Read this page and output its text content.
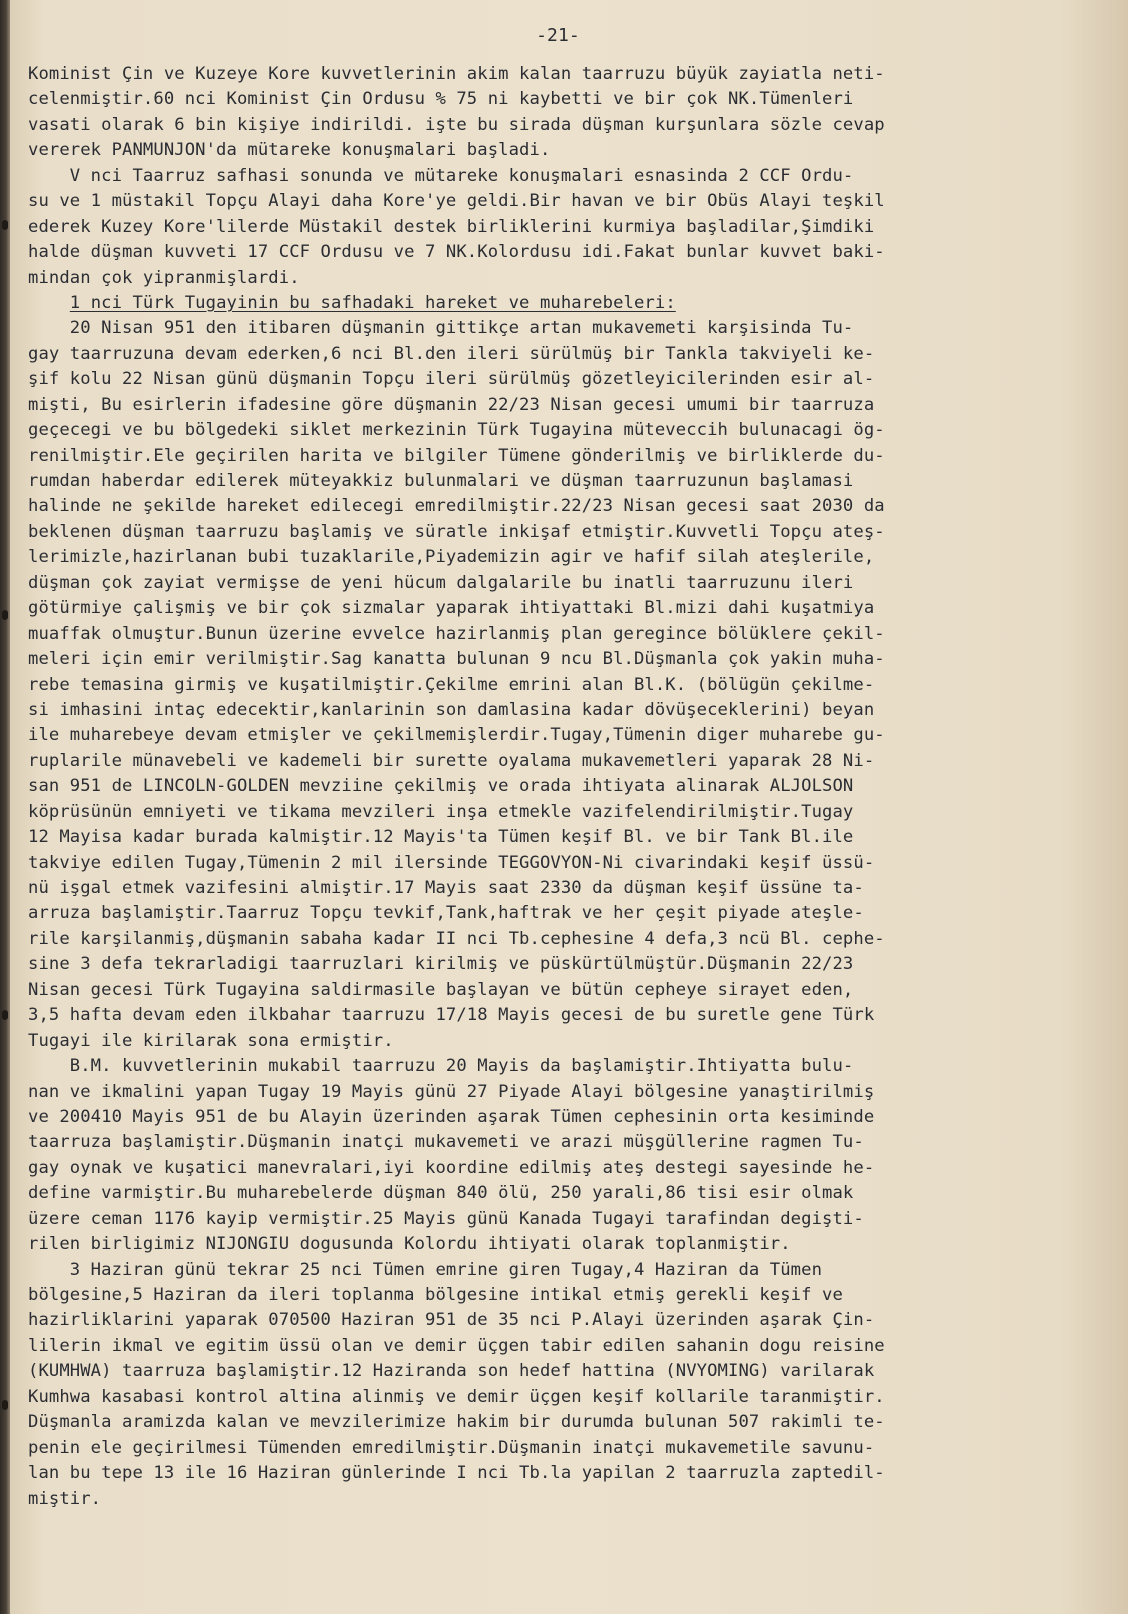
-21-
Kominist Çin ve Kuzeye Kore kuvvetlerinin akim kalan taarruzu büyük zayiatla neti-
celenmiştir.60 nci Kominist Çin Ordusu % 75 ni kaybetti ve bir çok NK.Tümenleri
vasati olarak 6 bin kişiye indirildi. işte bu sirada düşman kurşunlara sözle cevap
vererek PANMUNJON'da mütareke konuşmalari başladi.
V nci Taarruz safhasi sonunda ve mütareke konuşmalari esnasinda 2 CCF Ordu-
su ve 1 müstakil Topçu Alayi daha Kore'ye geldi.Bir havan ve bir Obüs Alayi teşkil
ederek Kuzey Kore'lilerde Müstakil destek birliklerini kurmiya başladilar,Şimdiki
halde düşman kuvveti 17 CCF Ordusu ve 7 NK.Kolordusu idi.Fakat bunlar kuvvet baki-
mindan çok yipranmişlardi.
1 nci Türk Tugayinin bu safhadaki hareket ve muharebeleri:
20 Nisan 951 den itibaren düşmanin gittikçe artan mukavemeti karşisinda Tu-
gay taarruzuna devam ederken,6 nci Bl.den ileri sürülmüş bir Tankla takviyeli ke-
şif kolu 22 Nisan günü düşmanin Topçu ileri sürülmüş gözetleyicilerinden esir al-
mişti, Bu esirlerin ifadesine göre düşmanin 22/23 Nisan gecesi umumi bir taarruza
geçecegi ve bu bölgedeki siklet merkezinin Türk Tugayina müteveccih bulunacagi ög-
renilmiştir.Ele geçirilen harita ve bilgiler Tümene gönderilmiş ve birliklerde du-
rumdan haberdar edilerek müteyakkiz bulunmalari ve düşman taarruzunun başlamasi
halinde ne şekilde hareket edilecegi emredilmiştir.22/23 Nisan gecesi saat 2030 da
beklenen düşman taarruzu başlamiş ve süratle inkişaf etmiştir.Kuvvetli Topçu ateş-
lerimizle,hazirlanan bubi tuzaklarile,Piyademizin agir ve hafif silah ateşlerile,
düşman çok zayiat vermişse de yeni hücum dalgalarile bu inatli taarruzunu ileri
götürmiye çalişmiş ve bir çok sizmalar yaparak ihtiyattaki Bl.mizi dahi kuşatmiya
muaffak olmuştur.Bunun üzerine evvelce hazirlanmiş plan geregince bölüklere çekil-
meleri için emir verilmiştir.Sag kanatta bulunan 9 ncu Bl.Düşmanla çok yakin muha-
rebe temasina girmiş ve kuşatilmiştir.Çekilme emrini alan Bl.K. (bölügün çekilme-
si imhasini intaç edecektir,kanlarinin son damlasina kadar dövüşeceklerini) beyan
ile muharebeye devam etmişler ve çekilmemişlerdir.Tugay,Tümenin diger muharebe gu-
ruplarile münavebeli ve kademeli bir surette oyalama mukavemetleri yaparak 28 Ni-
san 951 de LINCOLN-GOLDEN mevziine çekilmiş ve orada ihtiyata alinarak ALJOLSON
köprüsünün emniyeti ve tikama mevzileri inşa etmekle vazifelendirilmiştir.Tugay
12 Mayisa kadar burada kalmiştir.12 Mayis'ta Tümen keşif Bl. ve bir Tank Bl.ile
takviye edilen Tugay,Tümenin 2 mil ilersinde TEGGOVYON-Ni civarindaki keşif üssü-
nü işgal etmek vazifesini almiştir.17 Mayis saat 2330 da düşman keşif üssüne ta-
arruza başlamiştir.Taarruz Topçu tevkif,Tank,haftrak ve her çeşit piyade ateşle-
rile karşilanmiş,düşmanin sabaha kadar II nci Tb.cephesine 4 defa,3 ncü Bl. cephe-
sine 3 defa tekrarladigi taarruzlari kirilmiş ve püskürtülmüştür.Düşmanin 22/23
Nisan gecesi Türk Tugayina saldirmasile başlayan ve bütün cepheye sirayet eden,
3,5 hafta devam eden ilkbahar taarruzu 17/18 Mayis gecesi de bu suretle gene Türk
Tugayi ile kirilarak sona ermiştir.
B.M. kuvvetlerinin mukabil taarruzu 20 Mayis da başlamiştir.Ihtiyatta bulu-
nan ve ikmalini yapan Tugay 19 Mayis günü 27 Piyade Alayi bölgesine yanaştirilmiş
ve 200410 Mayis 951 de bu Alayin üzerinden aşarak Tümen cephesinin orta kesiminde
taarruza başlamiştir.Düşmanin inatçi mukavemeti ve arazi müşgüllerine ragmen Tu-
gay oynak ve kuşatici manevralari,iyi koordine edilmiş ateş destegi sayesinde he-
define varmiştir.Bu muharebelerde düşman 840 ölü, 250 yarali,86 tisi esir olmak
üzere ceman 1176 kayip vermiştir.25 Mayis günü Kanada Tugayi tarafindan degişti-
rilen birligimiz NIJONGIU dogusunda Kolordu ihtiyati olarak toplanmiştir.
3 Haziran günü tekrar 25 nci Tümen emrine giren Tugay,4 Haziran da Tümen
bölgesine,5 Haziran da ileri toplanma bölgesine intikal etmiş gerekli keşif ve
hazirliklarini yaparak 070500 Haziran 951 de 35 nci P.Alayi üzerinden aşarak Çin-
lilerin ikmal ve egitim üssü olan ve demir üçgen tabir edilen sahanin dogu reisine
(KUMHWA) taarruza başlamiştir.12 Haziranda son hedef hattina (NVYOMING) varilarak
Kumhwa kasabasi kontrol altina alinmiş ve demir üçgen keşif kollarile taranmiştir.
Düşmanla aramizda kalan ve mevzilerimize hakim bir durumda bulunan 507 rakimli te-
penin ele geçirilmesi Tümenden emredilmiştir.Düşmanin inatçi mukavemetile savunu-
lan bu tepe 13 ile 16 Haziran günlerinde I nci Tb.la yapilan 2 taarruzla zaptedil-
miştir.
